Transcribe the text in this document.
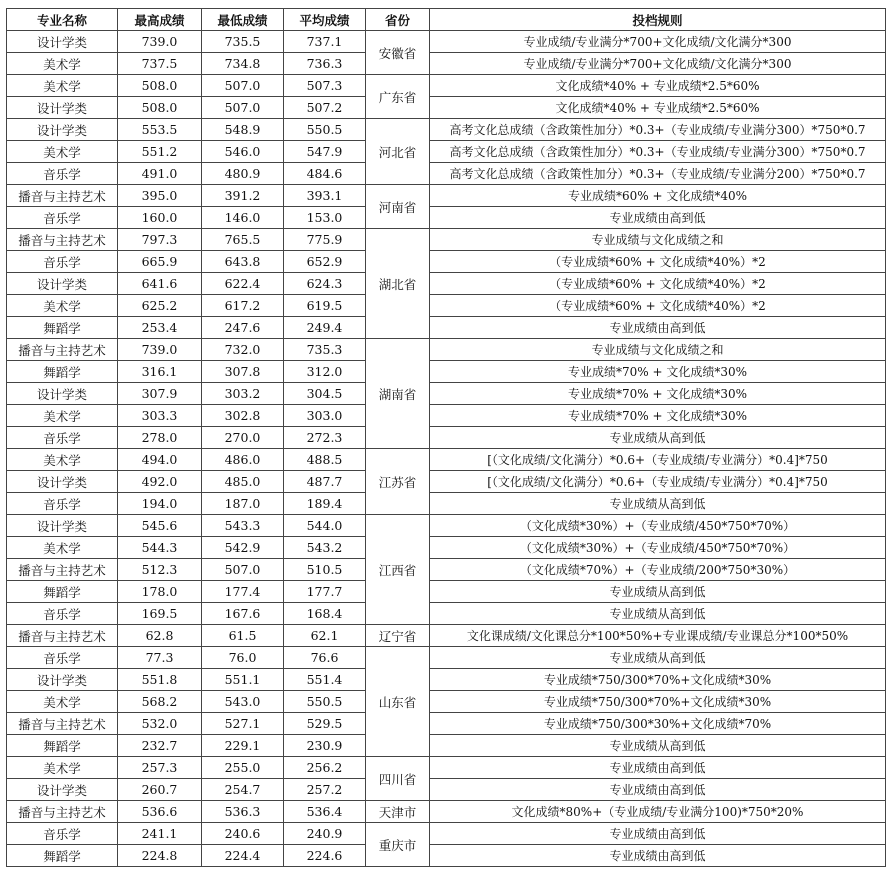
专业名称	最高成绩	最低成绩	平均成绩	省份	投档规则
设计学类	739.0	735.5	737.1	安徽省	专业成绩/专业满分*700+文化成绩/文化满分*300
美术学	737.5	734.8	736.3		专业成绩/专业满分*700+文化成绩/文化满分*300
美术学	508.0	507.0	507.3	广东省	文化成绩*40% + 专业成绩*2.5*60%
设计学类	508.0	507.0	507.2		文化成绩*40% + 专业成绩*2.5*60%
设计学类	553.5	548.9	550.5	河北省	高考文化总成绩（含政策性加分）*0.3+（专业成绩/专业满分300）*750*0.7
美术学	551.2	546.0	547.9		高考文化总成绩（含政策性加分）*0.3+（专业成绩/专业满分300）*750*0.7
音乐学	491.0	480.9	484.6		高考文化总成绩（含政策性加分）*0.3+（专业成绩/专业满分200）*750*0.7
播音与主持艺术	395.0	391.2	393.1	河南省	专业成绩*60% + 文化成绩*40%
音乐学	160.0	146.0	153.0		专业成绩由高到低
播音与主持艺术	797.3	765.5	775.9	湖北省	专业成绩与文化成绩之和
音乐学	665.9	643.8	652.9		（专业成绩*60% + 文化成绩*40%）*2
设计学类	641.6	622.4	624.3		（专业成绩*60% + 文化成绩*40%）*2
美术学	625.2	617.2	619.5		（专业成绩*60% + 文化成绩*40%）*2
舞蹈学	253.4	247.6	249.4		专业成绩由高到低
播音与主持艺术	739.0	732.0	735.3	湖南省	专业成绩与文化成绩之和
舞蹈学	316.1	307.8	312.0		专业成绩*70% + 文化成绩*30%
设计学类	307.9	303.2	304.5		专业成绩*70% + 文化成绩*30%
美术学	303.3	302.8	303.0		专业成绩*70% + 文化成绩*30%
音乐学	278.0	270.0	272.3		专业成绩从高到低
美术学	494.0	486.0	488.5	江苏省	[（文化成绩/文化满分）*0.6+（专业成绩/专业满分）*0.4]*750
设计学类	492.0	485.0	487.7		[（文化成绩/文化满分）*0.6+（专业成绩/专业满分）*0.4]*750
音乐学	194.0	187.0	189.4		专业成绩从高到低
设计学类	545.6	543.3	544.0	江西省	（文化成绩*30%）+（专业成绩/450*750*70%）
美术学	544.3	542.9	543.2		（文化成绩*30%）+（专业成绩/450*750*70%）
播音与主持艺术	512.3	507.0	510.5		（文化成绩*70%）+（专业成绩/200*750*30%）
舞蹈学	178.0	177.4	177.7		专业成绩从高到低
音乐学	169.5	167.6	168.4		专业成绩从高到低
播音与主持艺术	62.8	61.5	62.1	辽宁省	文化课成绩/文化课总分*100*50%+专业课成绩/专业课总分*100*50%
音乐学	77.3	76.0	76.6	山东省	专业成绩从高到低
设计学类	551.8	551.1	551.4		专业成绩*750/300*70%+文化成绩*30%
美术学	568.2	543.0	550.5		专业成绩*750/300*70%+文化成绩*30%
播音与主持艺术	532.0	527.1	529.5		专业成绩*750/300*30%+文化成绩*70%
舞蹈学	232.7	229.1	230.9		专业成绩从高到低
美术学	257.3	255.0	256.2	四川省	专业成绩由高到低
设计学类	260.7	254.7	257.2		专业成绩由高到低
播音与主持艺术	536.6	536.3	536.4	天津市	文化成绩*80%+（专业成绩/专业满分100)*750*20%
音乐学	241.1	240.6	240.9	重庆市	专业成绩由高到低
舞蹈学	224.8	224.4	224.6		专业成绩由高到低
